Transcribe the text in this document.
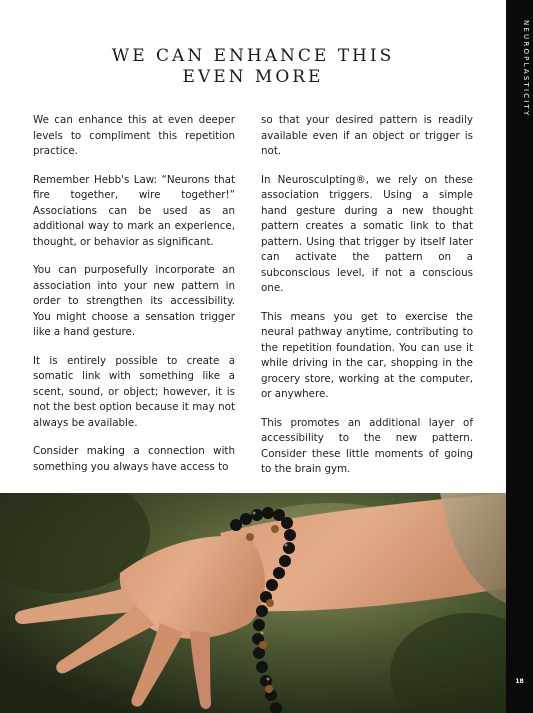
WE CAN ENHANCE THIS
EVEN MORE

We can enhance this at even deeper levels to compliment this repetition practice.

Remember Hebb's Law: “Neurons that fire together, wire together!” Associations can be used as an additional way to mark an experience, thought, or behavior as significant.

You can purposefully incorporate an association into your new pattern in order to strengthen its accessibility. You might choose a sensation trigger like a hand gesture.

It is entirely possible to create a somatic link with something like a scent, sound, or object; however, it is not the best option because it may not always be available.

Consider making a connection with something you always have access to

so that your desired pattern is readily available even if an object or trigger is not.

In Neurosculpting®, we rely on these association triggers. Using a simple hand gesture during a new thought pattern creates a somatic link to that pattern. Using that trigger by itself later can activate the pattern on a subconscious level, if not a conscious one.

This means you get to exercise the neural pathway anytime, contributing to the repetition foundation. You can use it while driving in the car, shopping in the grocery store, working at the computer, or anywhere.

This promotes an additional layer of accessibility to the new pattern. Consider these little moments of going to the brain gym.

NEUROPLASTICITY
18
